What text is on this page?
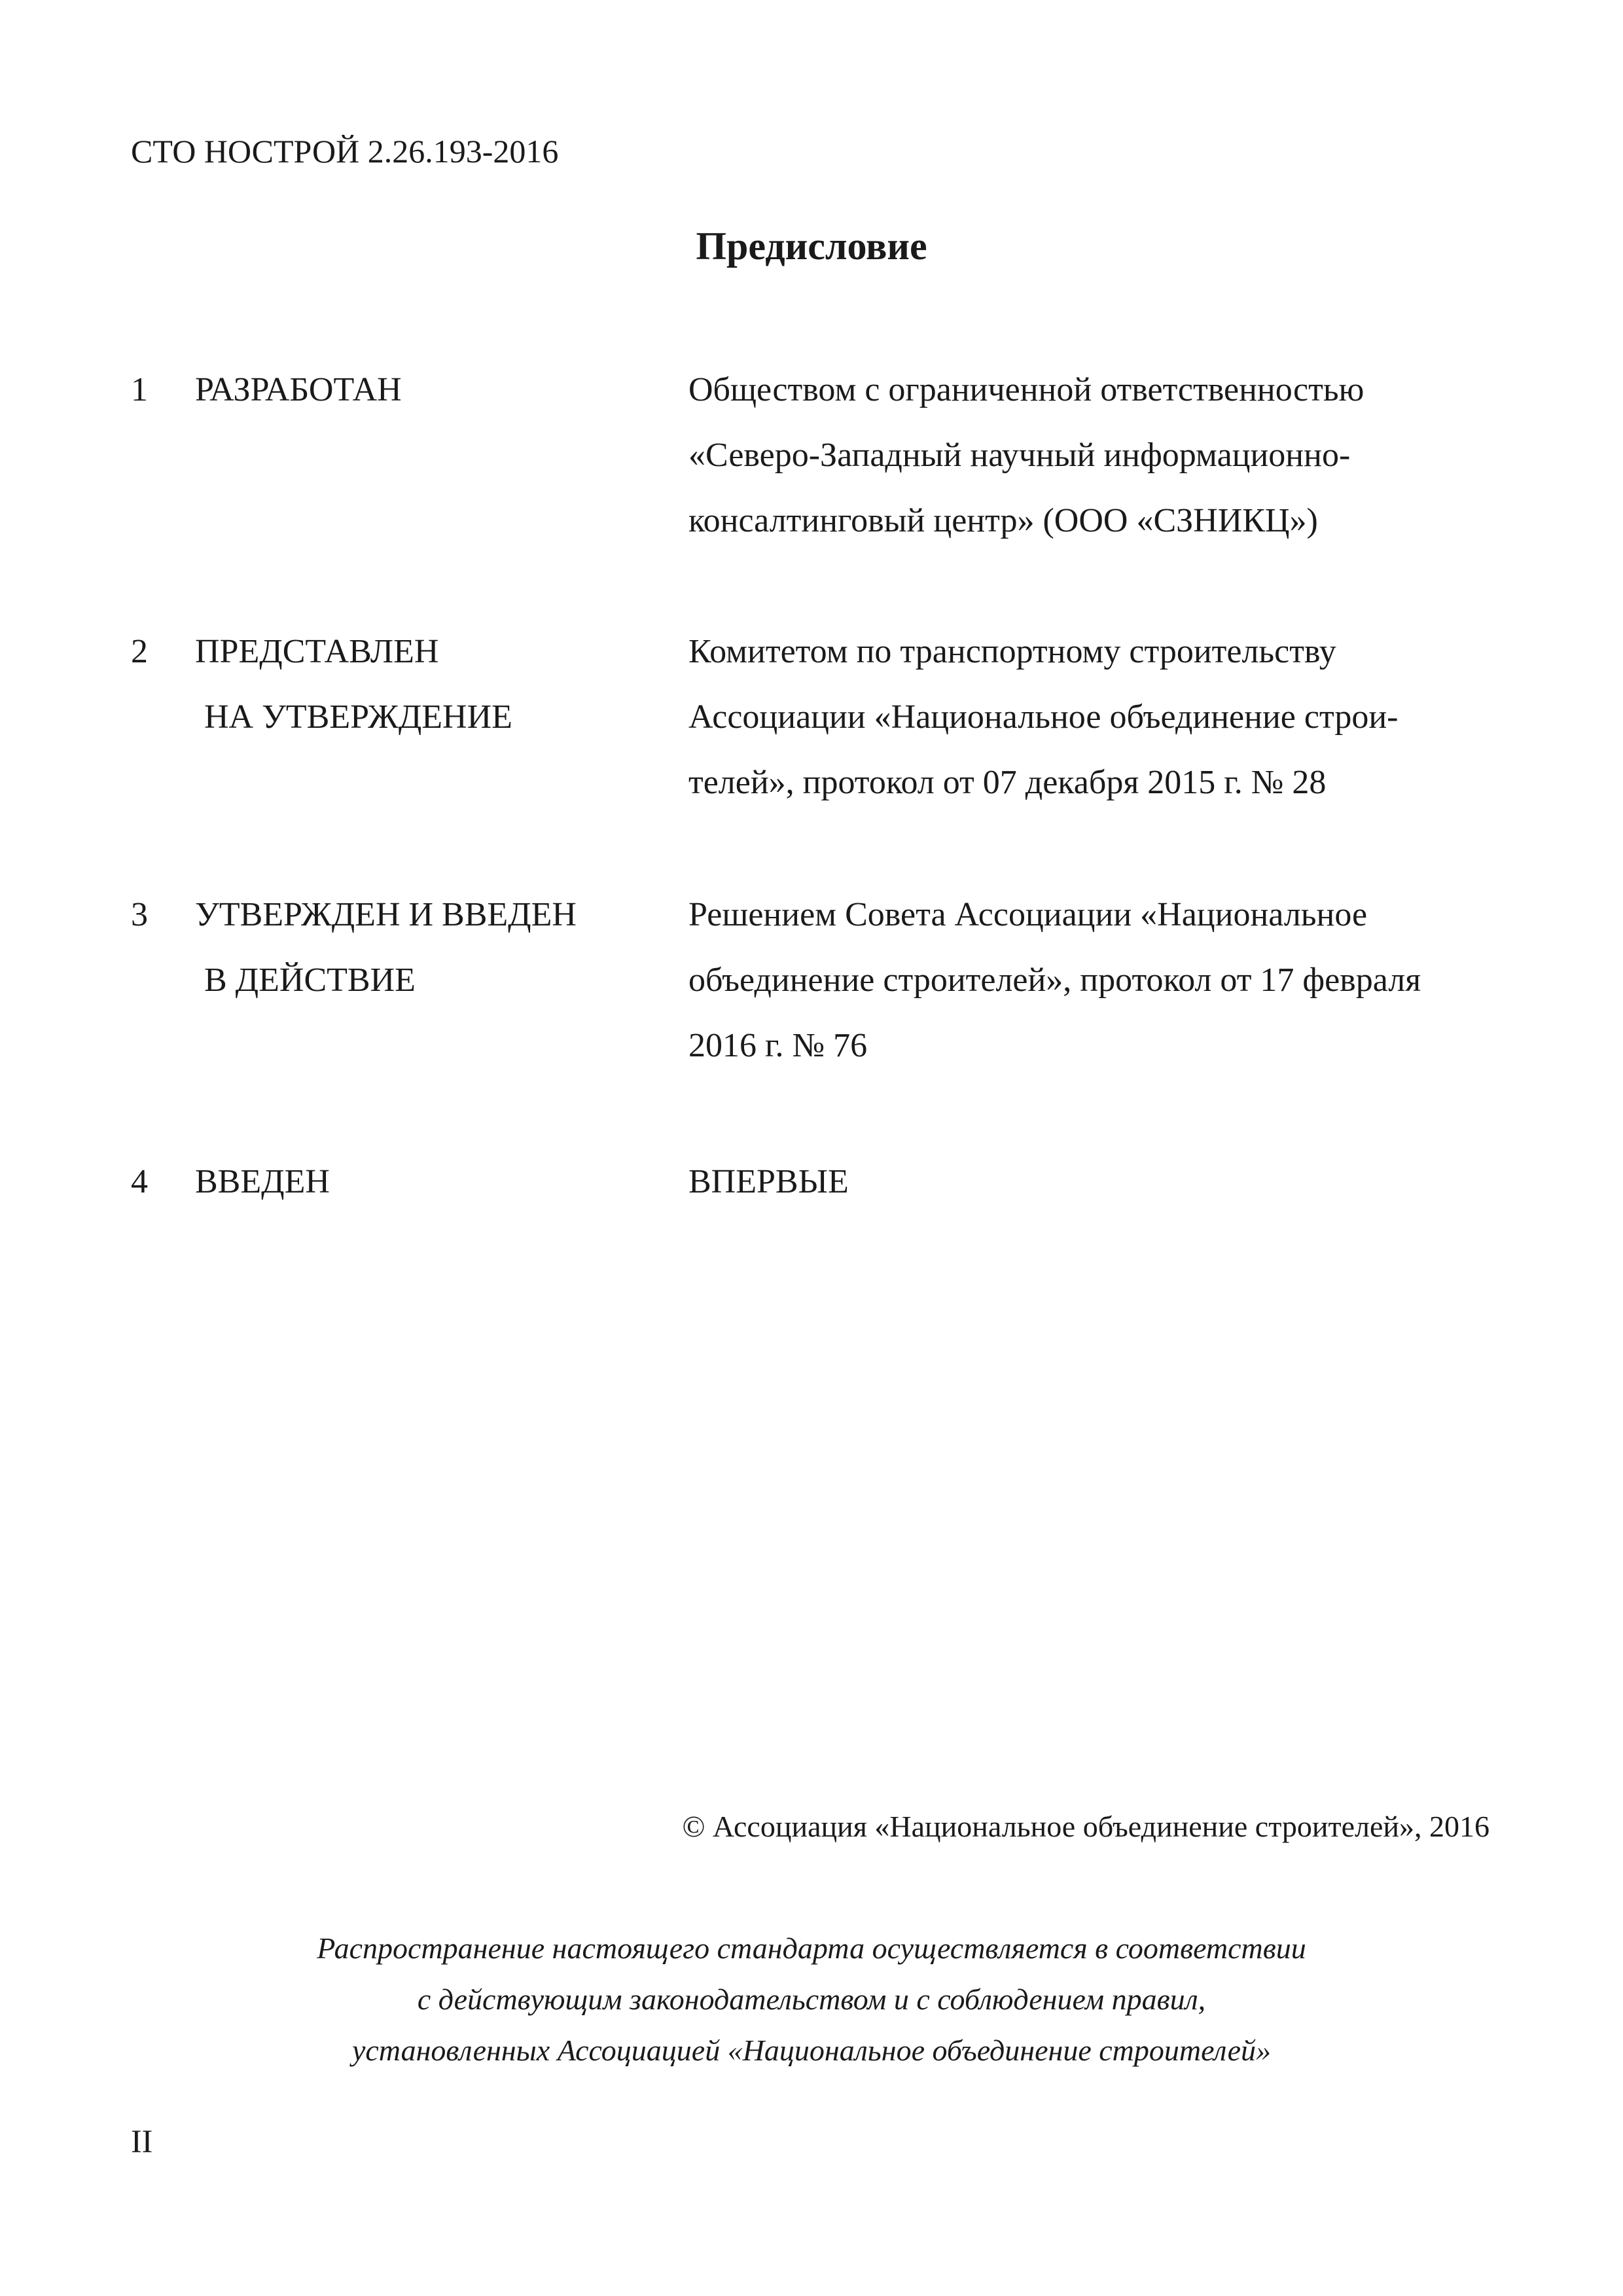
СТО НОСТРОЙ 2.26.193-2016
Предисловие
1 РАЗРАБОТАН	Обществом с ограниченной ответственностью
«Северо-Западный научный информационно-
консалтинговый центр» (ООО «СЗНИКЦ»)
2 ПРЕДСТАВЛЕН
НА УТВЕРЖДЕНИЕ
Комитетом по транспортному строительству
Ассоциации «Национальное объединение строи-
телей», протокол от 07 декабря 2015 г. № 28
3 УТВЕРЖДЕН И ВВЕДЕН
В ДЕЙСТВИЕ
Решением Совета Ассоциации «Национальное
объединение строителей», протокол от 17 февраля
2016 г. № 76
4 ВВЕДЕН	ВПЕРВЫЕ
© Ассоциация «Национальное объединение строителей», 2016
Распространение настоящего стандарта осуществляется в соответствии
с действующим законодательством и с соблюдением правил,
установленных Ассоциацией «Национальное объединение строителей»
II
